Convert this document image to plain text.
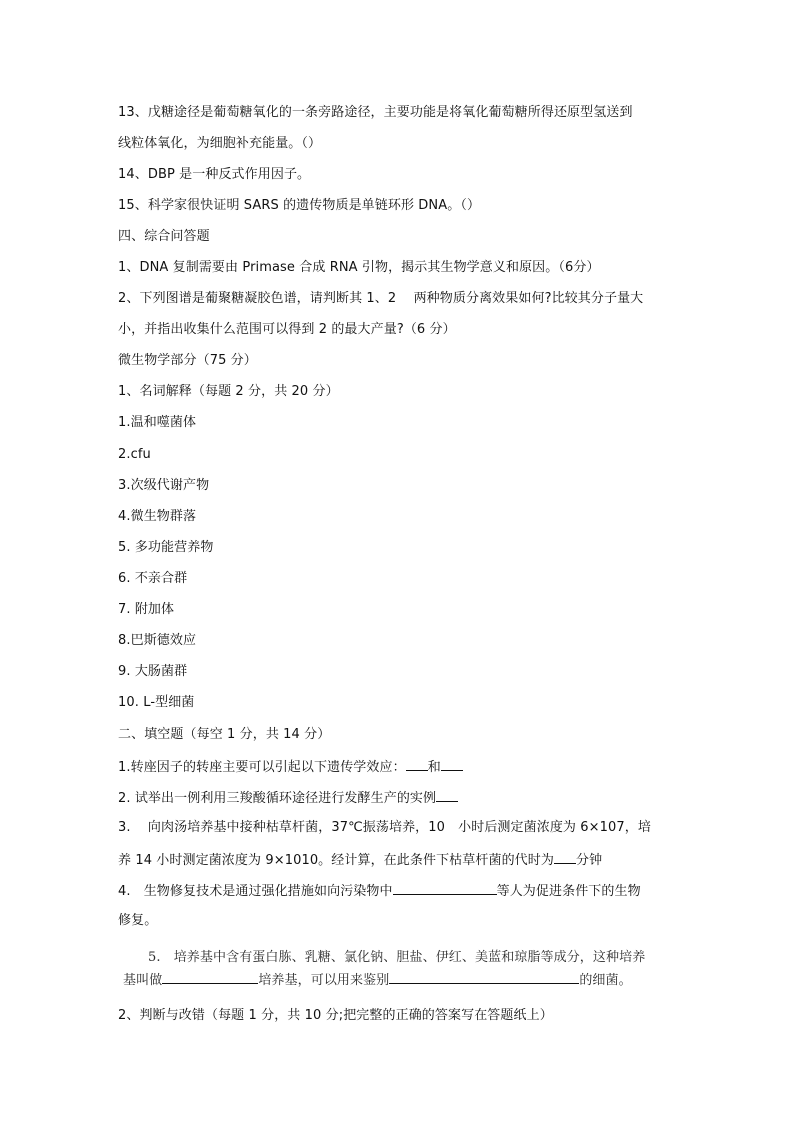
13、戊糖途径是葡萄糖氧化的一条旁路途径，主要功能是将氧化葡萄糖所得还原型氢送到
线粒体氧化，为细胞补充能量。（）
14、DBP 是一种反式作用因子。
15、科学家很快证明 SARS 的遗传物质是单链环形 DNA。（）
四、综合问答题
1、DNA 复制需要由 Primase 合成 RNA 引物，揭示其生物学意义和原因。（6分）
2、下列图谱是葡聚糖凝胶色谱，请判断其 1、2　 两种物质分离效果如何?比较其分子量大
小，并指出收集什么范围可以得到 2 的最大产量?（6 分）
微生物学部分（75 分）
1、名词解释（每题 2 分，共 20 分）
1.温和噬菌体
2.cfu
3.次级代谢产物
4.微生物群落
5. 多功能营养物
6. 不亲合群
7. 附加体
8.巴斯德效应
9. 大肠菌群
10. L-型细菌
二、填空题（每空 1 分，共 14 分）
1.转座因子的转座主要可以引起以下遗传学效应： 和
2. 试举出一例利用三羧酸循环途径进行发酵生产的实例
3.　 向肉汤培养基中接种枯草杆菌，37℃振荡培养，10　小时后测定菌浓度为 6×107，培
养 14 小时测定菌浓度为 9×1010。经计算，在此条件下枯草杆菌的代时为 分钟
4.　生物修复技术是通过强化措施如向污染物中	等人为促进条件下的生物
修复。
5.　培养基中含有蛋白胨、乳糖、氯化钠、胆盐、伊红、美蓝和琼脂等成分，这种培养
基叫做	培养基，可以用来鉴别	的细菌。
2、判断与改错（每题 1 分，共 10 分;把完整的正确的答案写在答题纸上）
